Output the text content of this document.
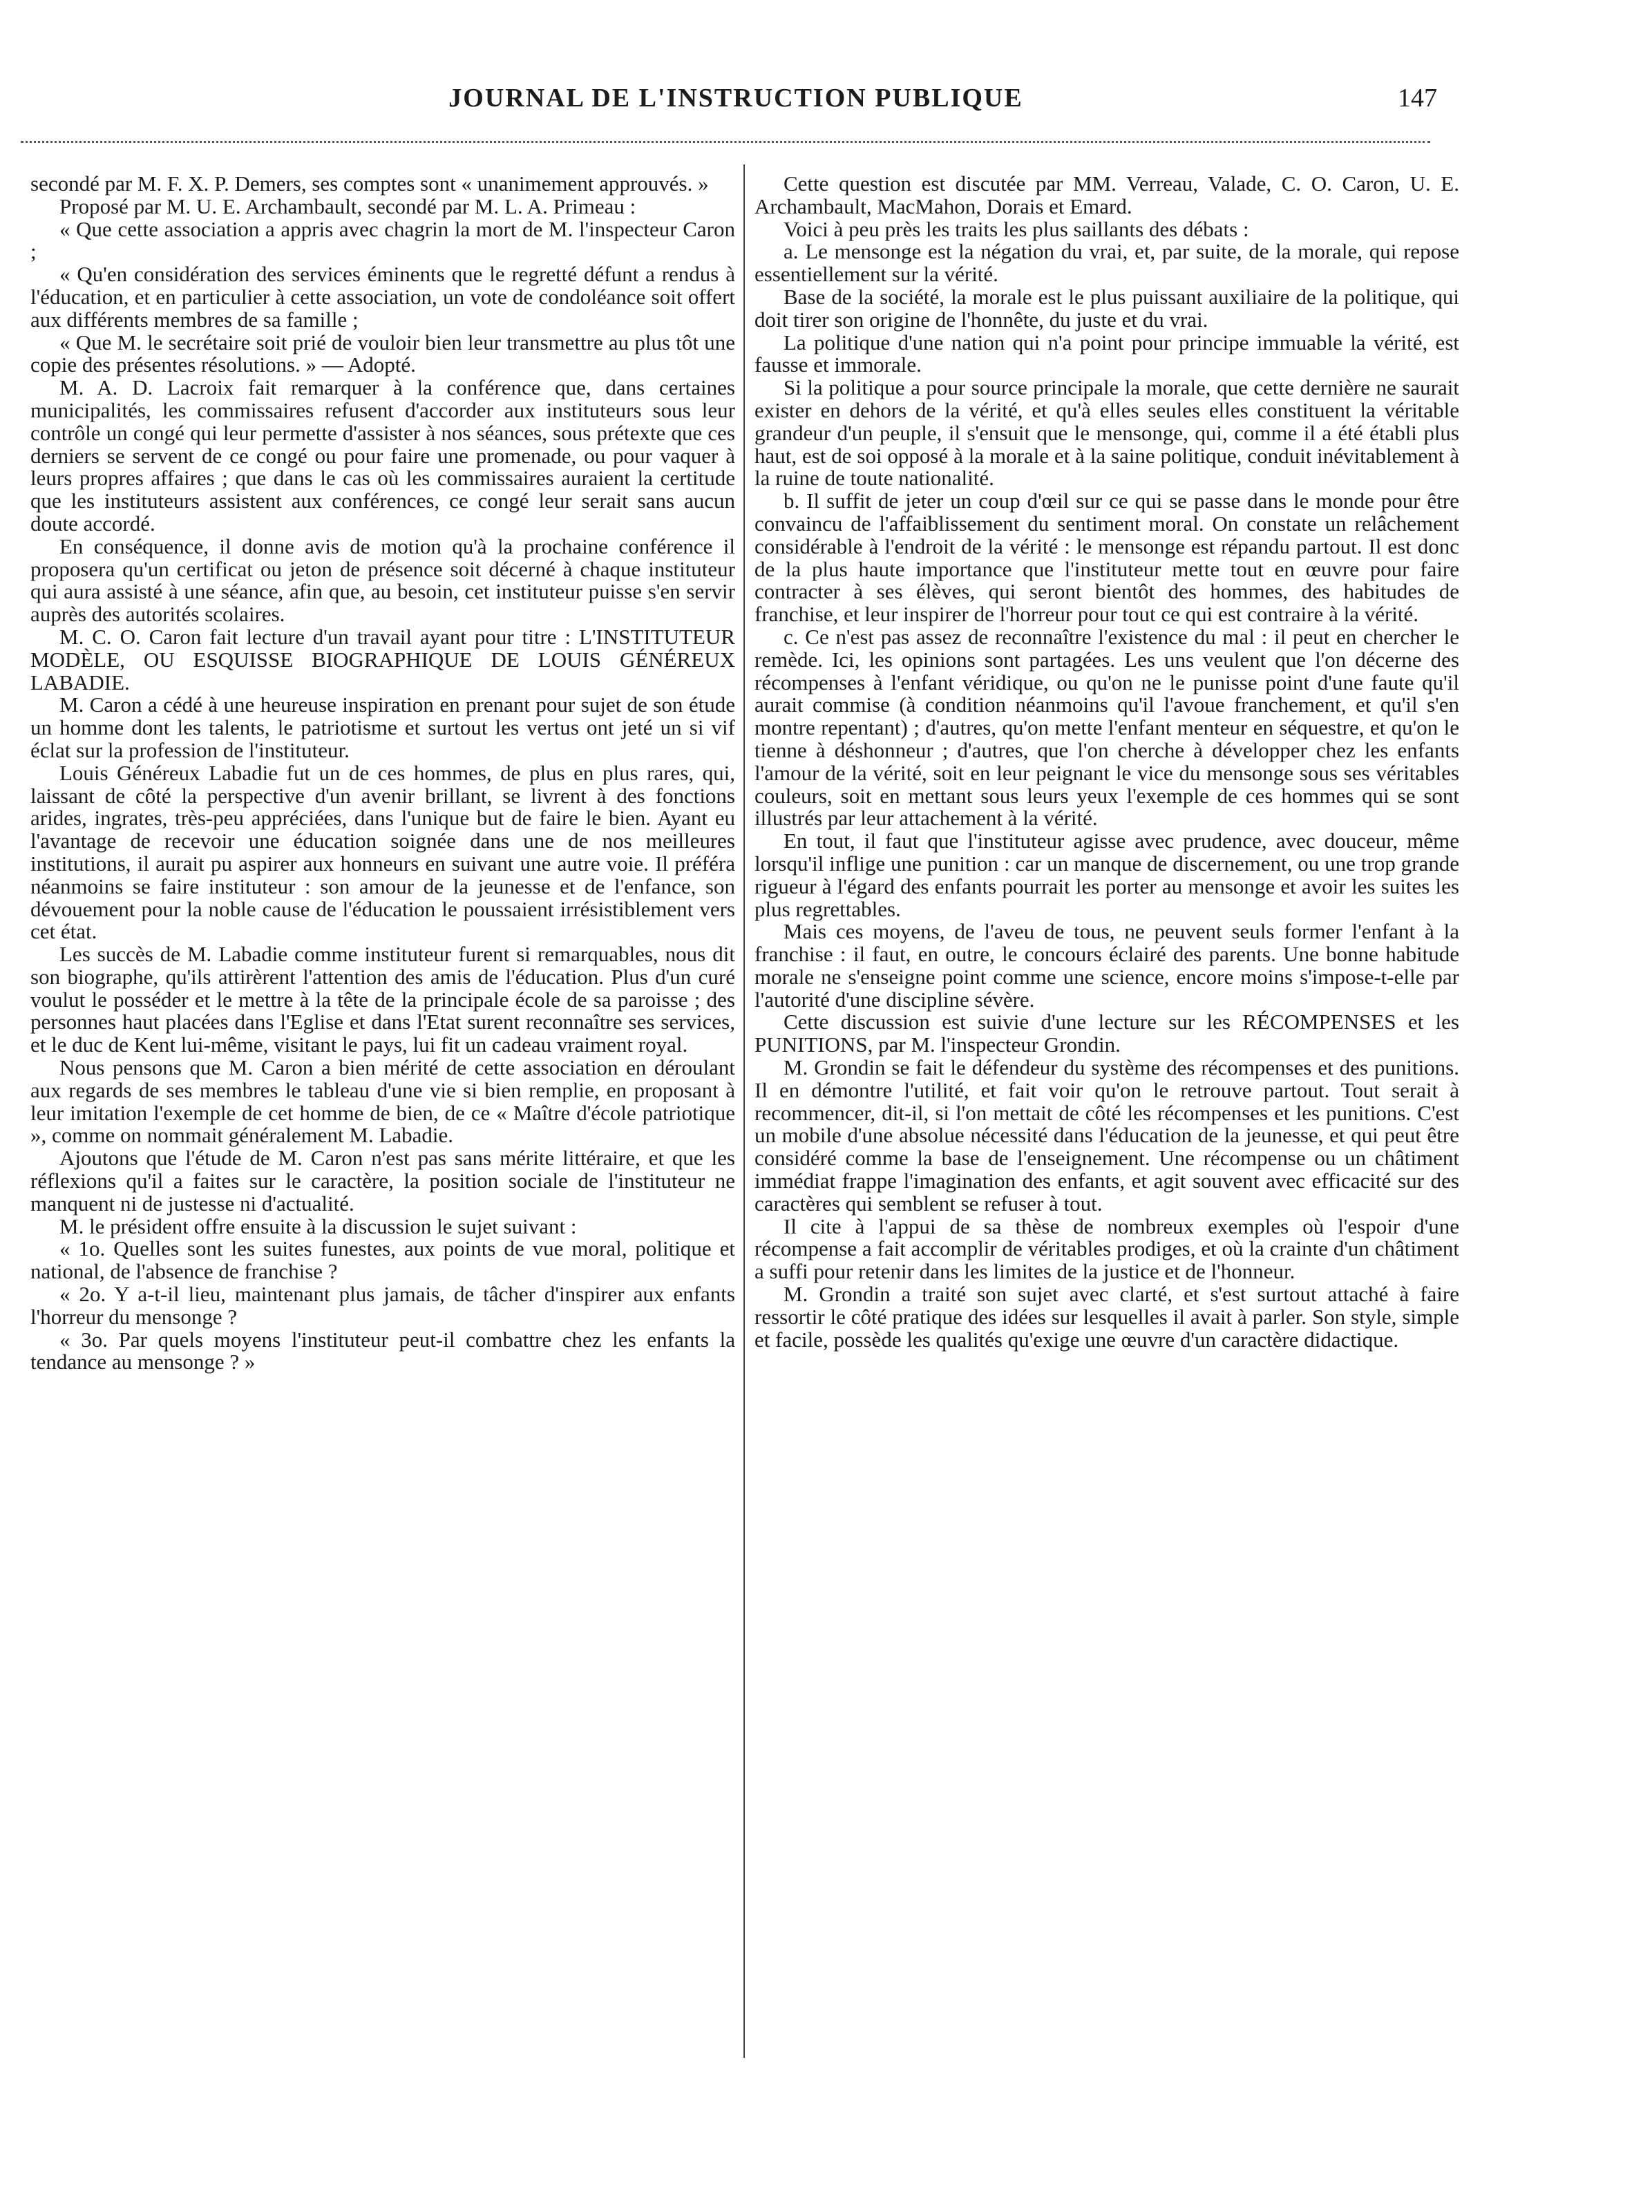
JOURNAL DE L'INSTRUCTION PUBLIQUE	147

secondé par M. F. X. P. Demers, ses comptes sont « unanimement approuvés. »

Proposé par M. U. E. Archambault, secondé par M. L. A. Primeau :

« Que cette association a appris avec chagrin la mort de M. l'inspecteur Caron ;

« Qu'en considération des services éminents que le regretté défunt a rendus à l'éducation, et en particulier à cette association, un vote de condoléance soit offert aux différents membres de sa famille ;

« Que M. le secrétaire soit prié de vouloir bien leur transmettre au plus tôt une copie des présentes résolutions. » — Adopté.

M. A. D. Lacroix fait remarquer à la conférence que, dans certaines municipalités, les commissaires refusent d'accorder aux instituteurs sous leur contrôle un congé qui leur permette d'assister à nos séances, sous prétexte que ces derniers se servent de ce congé ou pour faire une promenade, ou pour vaquer à leurs propres affaires ; que dans le cas où les commissaires auraient la certitude que les instituteurs assistent aux conférences, ce congé leur serait sans aucun doute accordé.

En conséquence, il donne avis de motion qu'à la prochaine conférence il proposera qu'un certificat ou jeton de présence soit décerné à chaque instituteur qui aura assisté à une séance, afin que, au besoin, cet instituteur puisse s'en servir auprès des autorités scolaires.

M. C. O. Caron fait lecture d'un travail ayant pour titre : L'INSTITUTEUR MODÈLE, OU ESQUISSE BIOGRAPHIQUE DE LOUIS GÉNÉREUX LABADIE.

M. Caron a cédé à une heureuse inspiration en prenant pour sujet de son étude un homme dont les talents, le patriotisme et surtout les vertus ont jeté un si vif éclat sur la profession de l'instituteur.

Louis Généreux Labadie fut un de ces hommes, de plus en plus rares, qui, laissant de côté la perspective d'un avenir brillant, se livrent à des fonctions arides, ingrates, très-peu appréciées, dans l'unique but de faire le bien. Ayant eu l'avantage de recevoir une éducation soignée dans une de nos meilleures institutions, il aurait pu aspirer aux honneurs en suivant une autre voie. Il préféra néanmoins se faire instituteur : son amour de la jeunesse et de l'enfance, son dévouement pour la noble cause de l'éducation le poussaient irrésistiblement vers cet état.

Les succès de M. Labadie comme instituteur furent si remarquables, nous dit son biographe, qu'ils attirèrent l'attention des amis de l'éducation. Plus d'un curé voulut le posséder et le mettre à la tête de la principale école de sa paroisse ; des personnes haut placées dans l'Eglise et dans l'Etat surent reconnaître ses services, et le duc de Kent lui-même, visitant le pays, lui fit un cadeau vraiment royal.

Nous pensons que M. Caron a bien mérité de cette association en déroulant aux regards de ses membres le tableau d'une vie si bien remplie, en proposant à leur imitation l'exemple de cet homme de bien, de ce « Maître d'école patriotique », comme on nommait généralement M. Labadie.

Ajoutons que l'étude de M. Caron n'est pas sans mérite littéraire, et que les réflexions qu'il a faites sur le caractère, la position sociale de l'instituteur ne manquent ni de justesse ni d'actualité.

M. le président offre ensuite à la discussion le sujet suivant :

« 1o. Quelles sont les suites funestes, aux points de vue moral, politique et national, de l'absence de franchise ?

« 2o. Y a-t-il lieu, maintenant plus jamais, de tâcher d'inspirer aux enfants l'horreur du mensonge ?

« 3o. Par quels moyens l'instituteur peut-il combattre chez les enfants la tendance au mensonge ? »

Cette question est discutée par MM. Verreau, Valade, C. O. Caron, U. E. Archambault, MacMahon, Dorais et Emard.

Voici à peu près les traits les plus saillants des débats :

a. Le mensonge est la négation du vrai, et, par suite, de la morale, qui repose essentiellement sur la vérité.

Base de la société, la morale est le plus puissant auxiliaire de la politique, qui doit tirer son origine de l'honnête, du juste et du vrai.

La politique d'une nation qui n'a point pour principe immuable la vérité, est fausse et immorale.

Si la politique a pour source principale la morale, que cette dernière ne saurait exister en dehors de la vérité, et qu'à elles seules elles constituent la véritable grandeur d'un peuple, il s'ensuit que le mensonge, qui, comme il a été établi plus haut, est de soi opposé à la morale et à la saine politique, conduit inévitablement à la ruine de toute nationalité.

b. Il suffit de jeter un coup d'œil sur ce qui se passe dans le monde pour être convaincu de l'affaiblissement du sentiment moral. On constate un relâchement considérable à l'endroit de la vérité : le mensonge est répandu partout. Il est donc de la plus haute importance que l'instituteur mette tout en œuvre pour faire contracter à ses élèves, qui seront bientôt des hommes, des habitudes de franchise, et leur inspirer de l'horreur pour tout ce qui est contraire à la vérité.

c. Ce n'est pas assez de reconnaître l'existence du mal : il peut en chercher le remède. Ici, les opinions sont partagées. Les uns veulent que l'on décerne des récompenses à l'enfant véridique, ou qu'on ne le punisse point d'une faute qu'il aurait commise (à condition néanmoins qu'il l'avoue franchement, et qu'il s'en montre repentant) ; d'autres, qu'on mette l'enfant menteur en séquestre, et qu'on le tienne à déshonneur ; d'autres, que l'on cherche à développer chez les enfants l'amour de la vérité, soit en leur peignant le vice du mensonge sous ses véritables couleurs, soit en mettant sous leurs yeux l'exemple de ces hommes qui se sont illustrés par leur attachement à la vérité.

En tout, il faut que l'instituteur agisse avec prudence, avec douceur, même lorsqu'il inflige une punition : car un manque de discernement, ou une trop grande rigueur à l'égard des enfants pourrait les porter au mensonge et avoir les suites les plus regrettables.

Mais ces moyens, de l'aveu de tous, ne peuvent seuls former l'enfant à la franchise : il faut, en outre, le concours éclairé des parents. Une bonne habitude morale ne s'enseigne point comme une science, encore moins s'impose-t-elle par l'autorité d'une discipline sévère.

Cette discussion est suivie d'une lecture sur les RÉCOMPENSES et les PUNITIONS, par M. l'inspecteur Grondin.

M. Grondin se fait le défendeur du système des récompenses et des punitions. Il en démontre l'utilité, et fait voir qu'on le retrouve partout. Tout serait à recommencer, dit-il, si l'on mettait de côté les récompenses et les punitions. C'est un mobile d'une absolue nécessité dans l'éducation de la jeunesse, et qui peut être considéré comme la base de l'enseignement. Une récompense ou un châtiment immédiat frappe l'imagination des enfants, et agit souvent avec efficacité sur des caractères qui semblent se refuser à tout.

Il cite à l'appui de sa thèse de nombreux exemples où l'espoir d'une récompense a fait accomplir de véritables prodiges, et où la crainte d'un châtiment a suffi pour retenir dans les limites de la justice et de l'honneur.

M. Grondin a traité son sujet avec clarté, et s'est surtout attaché à faire ressortir le côté pratique des idées sur lesquelles il avait à parler. Son style, simple et facile, possède les qualités qu'exige une œuvre d'un caractère didactique.
